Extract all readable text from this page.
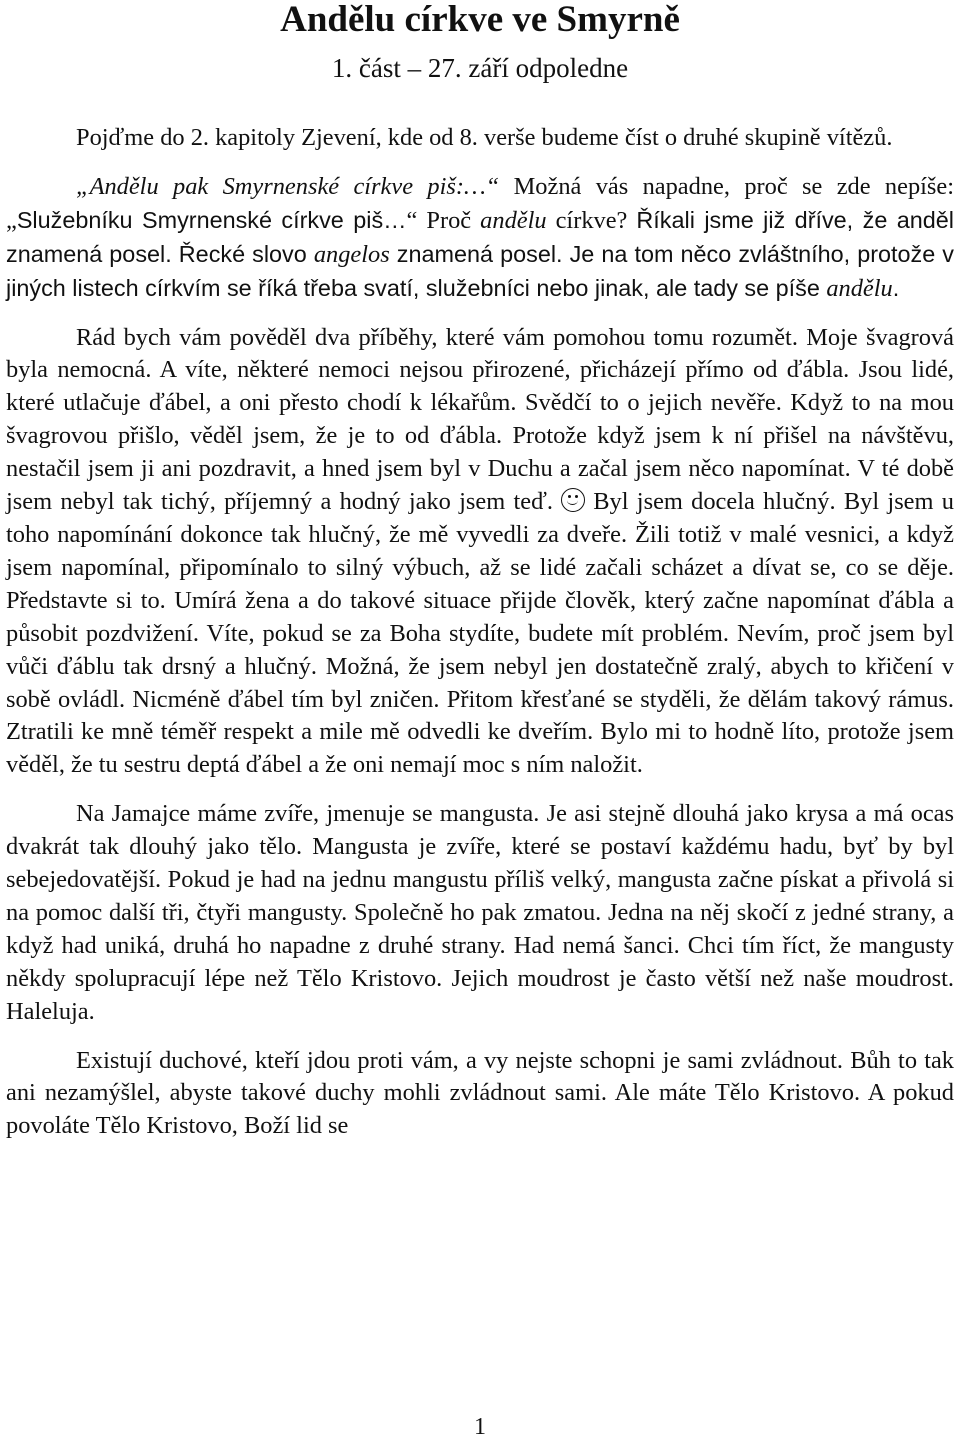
Andělu církve ve Smyrně
1. část – 27. září odpoledne

Pojďme do 2. kapitoly Zjevení, kde od 8. verše budeme číst o druhé skupině vítězů.

„Andělu pak Smyrnenské církve piš:…“ Možná vás napadne, proč se zde nepíše: „Služebníku Smyrnenské církve piš…“ Proč andělu církve? Říkali jsme již dříve, že anděl znamená posel. Řecké slovo angelos znamená posel. Je na tom něco zvláštního, protože v jiných listech církvím se říká třeba svatí, služebníci nebo jinak, ale tady se píše andělu.

Rád bych vám pověděl dva příběhy, které vám pomohou tomu rozumět. Moje švagrová byla nemocná. A víte, některé nemoci nejsou přirozené, přicházejí přímo od ďábla. Jsou lidé, které utlačuje ďábel, a oni přesto chodí k lékařům. Svědčí to o jejich nevěře. Když to na mou švagrovou přišlo, věděl jsem, že je to od ďábla. Protože když jsem k ní přišel na návštěvu, nestačil jsem ji ani pozdravit, a hned jsem byl v Duchu a začal jsem něco napomínat. V té době jsem nebyl tak tichý, příjemný a hodný jako jsem teď. Byl jsem docela hlučný. Byl jsem u toho napomínání dokonce tak hlučný, že mě vyvedli za dveře. Žili totiž v malé vesnici, a když jsem napomínal, připomínalo to silný výbuch, až se lidé začali scházet a dívat se, co se děje. Představte si to. Umírá žena a do takové situace přijde člověk, který začne napomínat ďábla a působit pozdvižení. Víte, pokud se za Boha stydíte, budete mít problém. Nevím, proč jsem byl vůči ďáblu tak drsný a hlučný. Možná, že jsem nebyl jen dostatečně zralý, abych to křičení v sobě ovládl. Nicméně ďábel tím byl zničen. Přitom křesťané se styděli, že dělám takový rámus. Ztratili ke mně téměř respekt a mile mě odvedli ke dveřím. Bylo mi to hodně líto, protože jsem věděl, že tu sestru deptá ďábel a že oni nemají moc s ním naložit.

Na Jamajce máme zvíře, jmenuje se mangusta. Je asi stejně dlouhá jako krysa a má ocas dvakrát tak dlouhý jako tělo. Mangusta je zvíře, které se postaví každému hadu, byť by byl sebejedovatější. Pokud je had na jednu mangustu příliš velký, mangusta začne pískat a přivolá si na pomoc další tři, čtyři mangusty. Společně ho pak zmatou. Jedna na něj skočí z jedné strany, a když had uniká, druhá ho napadne z druhé strany. Had nemá šanci. Chci tím říct, že mangusty někdy spolupracují lépe než Tělo Kristovo. Jejich moudrost je často větší než naše moudrost. Haleluja.

Existují duchové, kteří jdou proti vám, a vy nejste schopni je sami zvládnout. Bůh to tak ani nezamýšlel, abyste takové duchy mohli zvládnout sami. Ale máte Tělo Kristovo. A pokud povoláte Tělo Kristovo, Boží lid se

1
